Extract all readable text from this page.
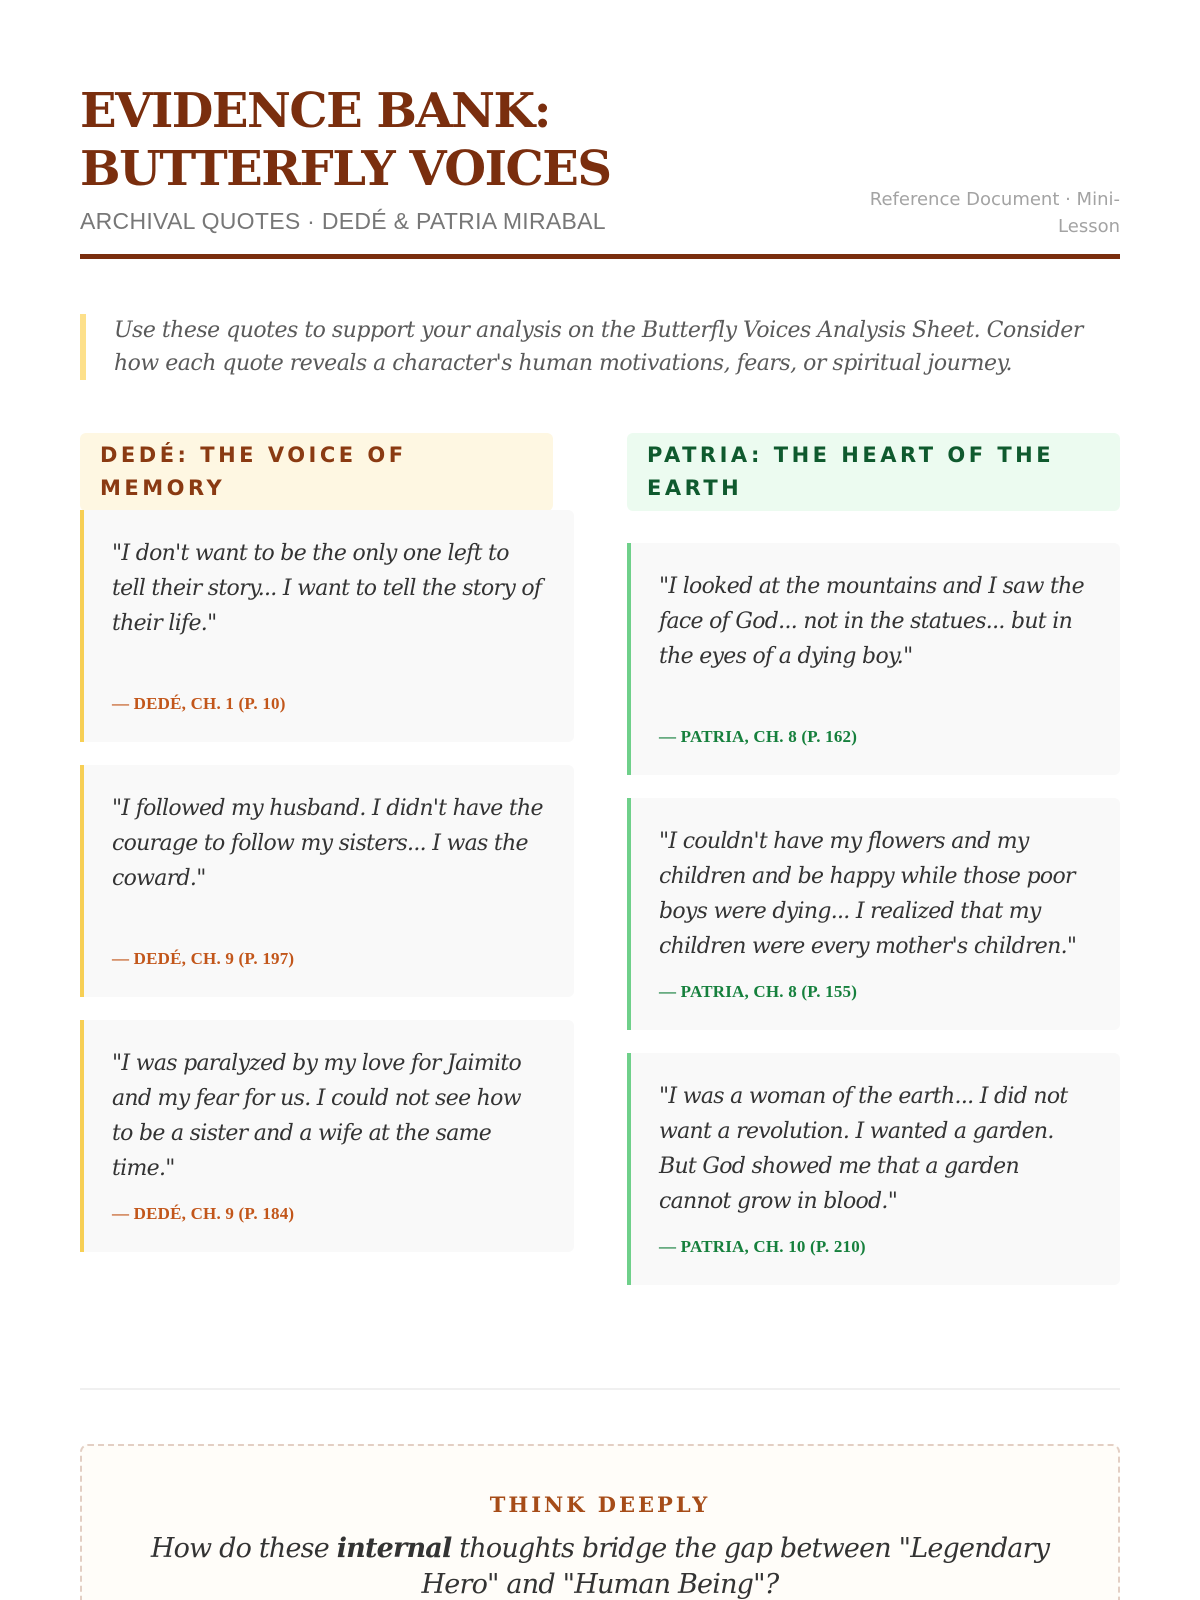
EVIDENCE BANK: BUTTERFLY VOICES
ARCHIVAL QUOTES · DEDÉ & PATRIA MIRABAL
Reference Document · Mini-Lesson

Use these quotes to support your analysis on the Butterfly Voices Analysis Sheet. Consider how each quote reveals a character's human motivations, fears, or spiritual journey.

DEDÉ: THE VOICE OF MEMORY

"I don't want to be the only one left to tell their story... I want to tell the story of their life."

— DEDÉ, CH. 1 (P. 10)

"I followed my husband. I didn't have the courage to follow my sisters... I was the coward."

— DEDÉ, CH. 9 (P. 197)

"I was paralyzed by my love for Jaimito and my fear for us. I could not see how to be a sister and a wife at the same time."

— DEDÉ, CH. 9 (P. 184)
PATRIA: THE HEART OF THE EARTH

"I looked at the mountains and I saw the face of God... not in the statues... but in the eyes of a dying boy."

— PATRIA, CH. 8 (P. 162)

"I couldn't have my flowers and my children and be happy while those poor boys were dying... I realized that my children were every mother's children."

— PATRIA, CH. 8 (P. 155)

"I was a woman of the earth... I did not want a revolution. I wanted a garden. But God showed me that a garden cannot grow in blood."

— PATRIA, CH. 10 (P. 210)
THINK DEEPLY

How do these internal thoughts bridge the gap between "Legendary Hero" and "Human Being"?
